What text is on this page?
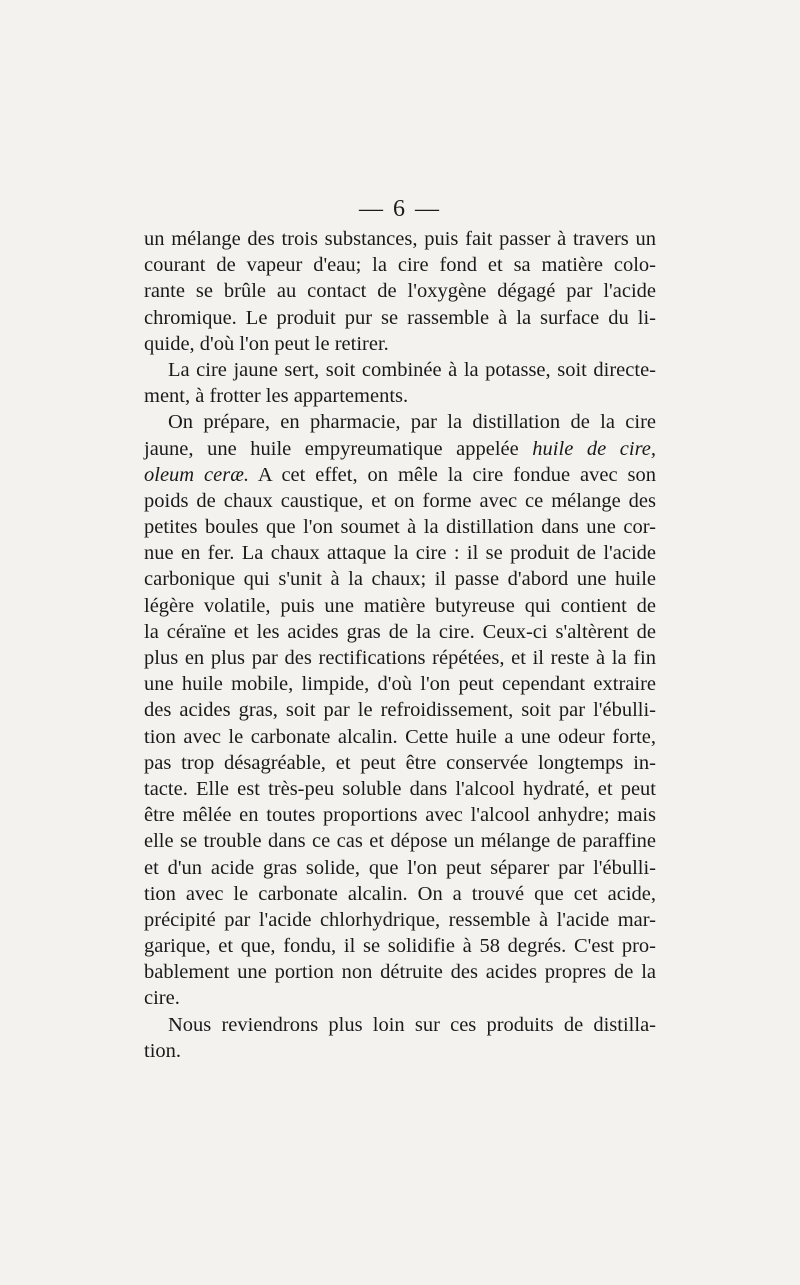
— 6 —
un mélange des trois substances, puis fait passer à travers un
courant de vapeur d'eau; la cire fond et sa matière colo-
rante se brûle au contact de l'oxygène dégagé par l'acide
chromique. Le produit pur se rassemble à la surface du li-
quide, d'où l'on peut le retirer.
La cire jaune sert, soit combinée à la potasse, soit directe-
ment, à frotter les appartements.
On prépare, en pharmacie, par la distillation de la cire
jaune, une huile empyreumatique appelée huile de cire,
oleum ceræ. A cet effet, on mêle la cire fondue avec son
poids de chaux caustique, et on forme avec ce mélange des
petites boules que l'on soumet à la distillation dans une cor-
nue en fer. La chaux attaque la cire : il se produit de l'acide
carbonique qui s'unit à la chaux; il passe d'abord une huile
légère volatile, puis une matière butyreuse qui contient de
la céraïne et les acides gras de la cire. Ceux-ci s'altèrent de
plus en plus par des rectifications répétées, et il reste à la fin
une huile mobile, limpide, d'où l'on peut cependant extraire
des acides gras, soit par le refroidissement, soit par l'ébulli-
tion avec le carbonate alcalin. Cette huile a une odeur forte,
pas trop désagréable, et peut être conservée longtemps in-
tacte. Elle est très-peu soluble dans l'alcool hydraté, et peut
être mêlée en toutes proportions avec l'alcool anhydre; mais
elle se trouble dans ce cas et dépose un mélange de paraffine
et d'un acide gras solide, que l'on peut séparer par l'ébulli-
tion avec le carbonate alcalin. On a trouvé que cet acide,
précipité par l'acide chlorhydrique, ressemble à l'acide mar-
garique, et que, fondu, il se solidifie à 58 degrés. C'est pro-
bablement une portion non détruite des acides propres de la
cire.
Nous reviendrons plus loin sur ces produits de distilla-
tion.
